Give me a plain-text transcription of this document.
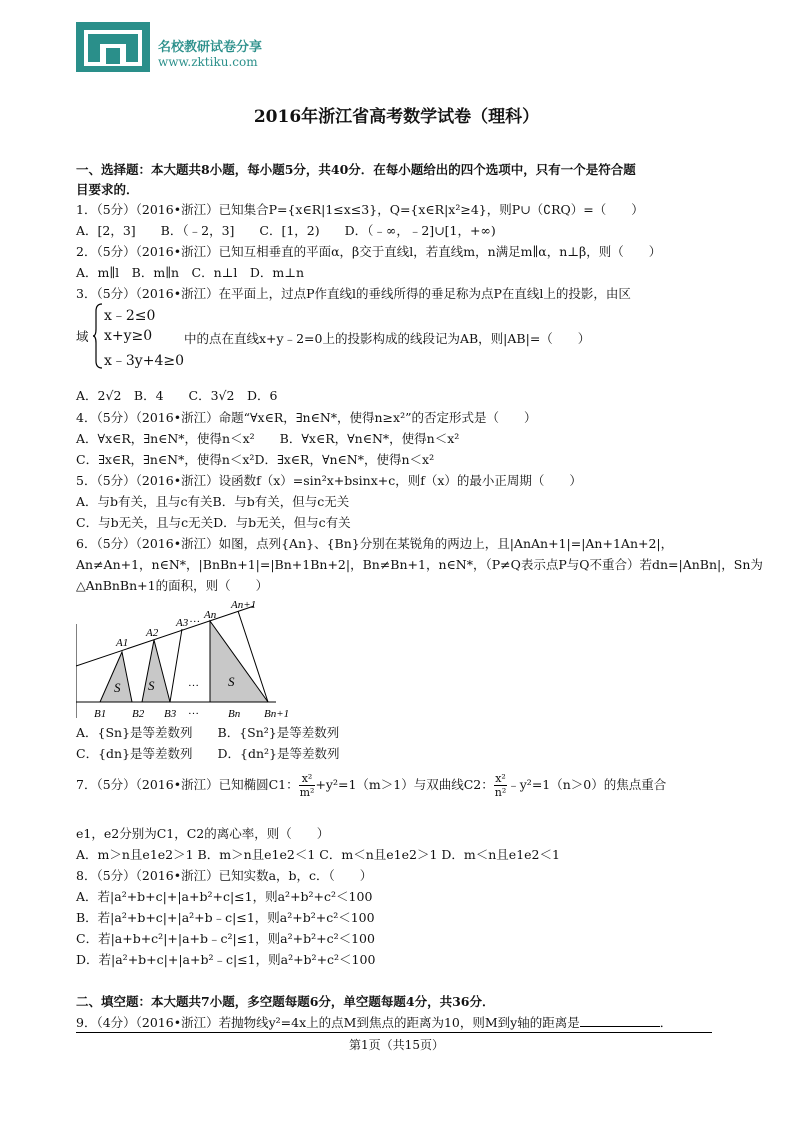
名校教研试卷分享
www.zktiku.com
2016年浙江省高考数学试卷（理科）
一、选择题：本大题共8小题，每小题5分，共40分．在每小题给出的四个选项中，只有一个是符合题
目要求的．
1．（5分）（2016•浙江）已知集合P={x∈R|1≤x≤3}，Q={x∈R|x²≥4}，则P∪（∁RQ）=（　　）
A．[2，3]　　B．（﹣2，3]　　C．[1，2)　　D．（﹣∞，﹣2]∪[1，+∞)
2．（5分）（2016•浙江）已知互相垂直的平面α，β交于直线l，若直线m，n满足m∥α，n⊥β，则（　　）
A．m∥l　B．m∥n　C．n⊥l　D．m⊥n
3．（5分）（2016•浙江）在平面上，过点P作直线l的垂线所得的垂足称为点P在直线l上的投影，由区
域
x﹣2≤0
x+y≥0
x﹣3y+4≥0
中的点在直线x+y﹣2=0上的投影构成的线段记为AB，则|AB|=（　　）
A．2√2　B．4　　C．3√2　D．6
4．（5分）（2016•浙江）命题“∀x∈R，∃n∈N*，使得n≥x²”的否定形式是（　　）
A．∀x∈R，∃n∈N*，使得n＜x²　　B．∀x∈R，∀n∈N*，使得n＜x²
C．∃x∈R，∃n∈N*，使得n＜x²D．∃x∈R，∀n∈N*，使得n＜x²
5．（5分）（2016•浙江）设函数f（x）=sin²x+bsinx+c，则f（x）的最小正周期（　　）
A．与b有关，且与c有关B．与b有关，但与c无关
C．与b无关，且与c无关D．与b无关，但与c有关
6．（5分）（2016•浙江）如图，点列{An}、{Bn}分别在某锐角的两边上，且|AnAn+1|=|An+1An+2|，
An≠An+1，n∈N*，|BnBn+1|=|Bn+1Bn+2|，Bn≠Bn+1，n∈N*，（P≠Q表示点P与Q不重合）若dn=|AnBn|，Sn为
△AnBnBn+1的面积，则（　　）
A1
A2
A3 … An
An+1
S S	… S
B1 B2 B3 …	Bn Bn+1
A．{Sn}是等差数列　　B．{Sn²}是等差数列
C．{dn}是等差数列　　D．{dn²}是等差数列
7．（5分）（2016•浙江）已知椭圆C1： $\frac{\text{x²}}{\text{m²}} +y^2=1(m>1)$与双曲线C2： $\frac{\text{x²}}{\text{n²}}$ ﹣y²=1（n＞0）的焦点重合
e1，e2分别为C1，C2的离心率，则（　　）
A．m＞n且e1e2＞1 B．m＞n且e1e2＜1 C．m＜n且e1e2＞1 D．m＜n且e1e2＜1
8．（5分）（2016•浙江）已知实数a，b，c．（　　）
A．若|a²+b+c|+|a+b²+c|≤1，则a²+b²+c²＜100
B．若|a²+b+c|+|a²+b﹣c|≤1，则a²+b²+c²＜100
C．若|a+b+c²|+|a+b﹣c²|≤1，则a²+b²+c²＜100
D．若|a²+b+c|+|a+b²﹣c|≤1，则a²+b²+c²＜100
二、填空题：本大题共7小题，多空题每题6分，单空题每题4分，共36分．
9．（4分）（2016•浙江）若抛物线y²=4x上的点M到焦点的距离为10，则M到y轴的距离是	．
第1页（共15页）
